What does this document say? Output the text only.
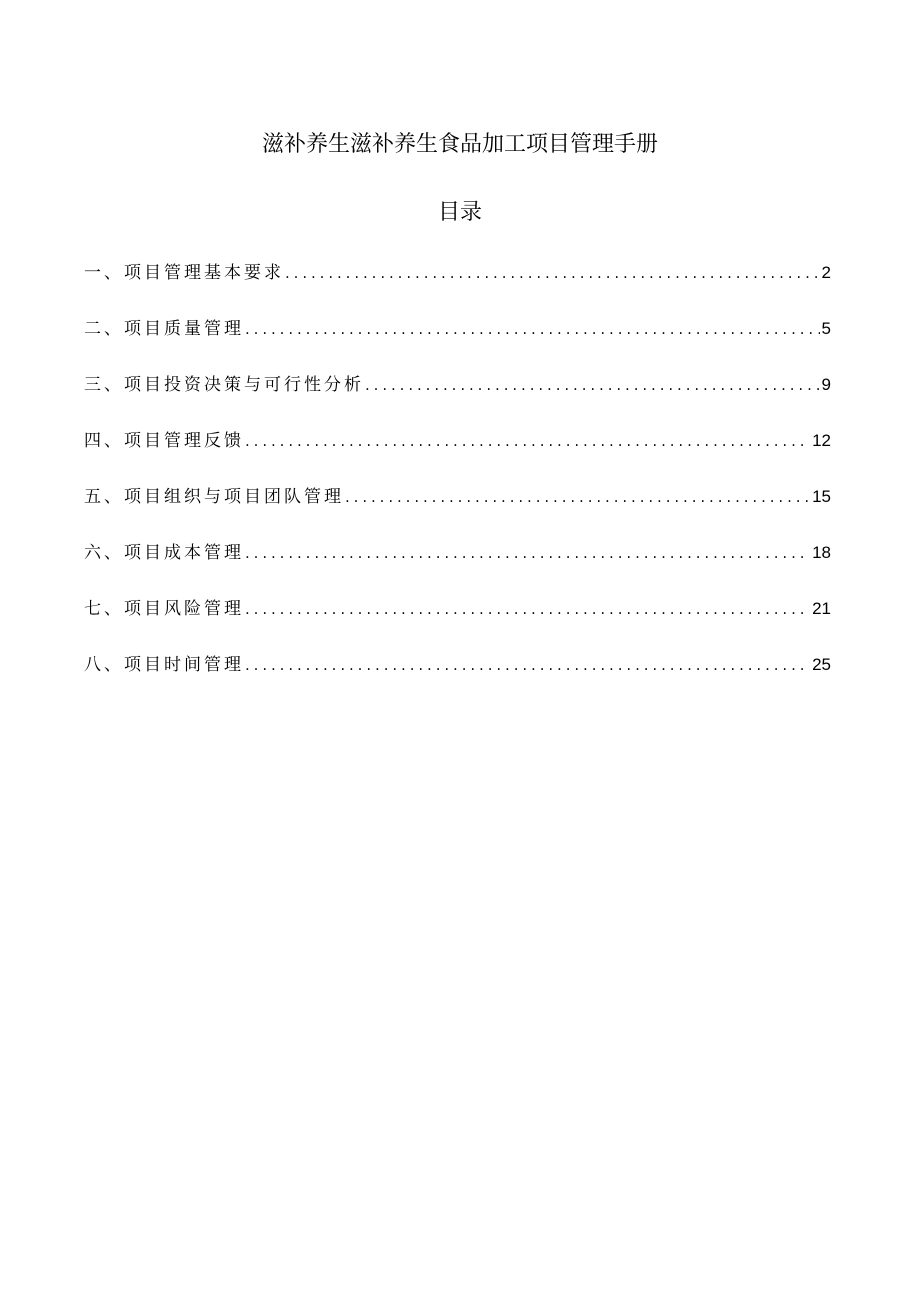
滋补养生滋补养生食品加工项目管理手册
目录
一、项目管理基本要求 .....	2
二、项目质量管理 .....	5
三、项目投资决策与可行性分析 .....	9
四、项目管理反馈 .....	12
五、项目组织与项目团队管理 .....	15
六、项目成本管理 .....	18
七、项目风险管理 .....	21
八、项目时间管理 .....	25
